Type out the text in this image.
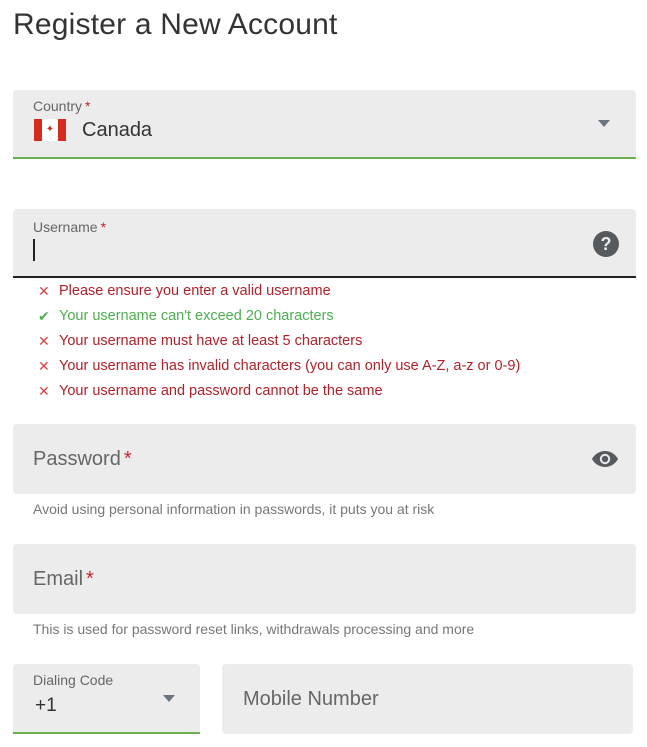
Register a New Account
Country *
✦ Canada
Username *
?
✕ Please ensure you enter a valid username
✔ Your username can't exceed 20 characters
✕ Your username must have at least 5 characters
✕ Your username has invalid characters (you can only use A-Z, a-z or 0-9)
✕ Your username and password cannot be the same
Password *
Avoid using personal information in passwords, it puts you at risk
Email *
This is used for password reset links, withdrawals processing and more
Dialing Code
+1	Mobile Number
